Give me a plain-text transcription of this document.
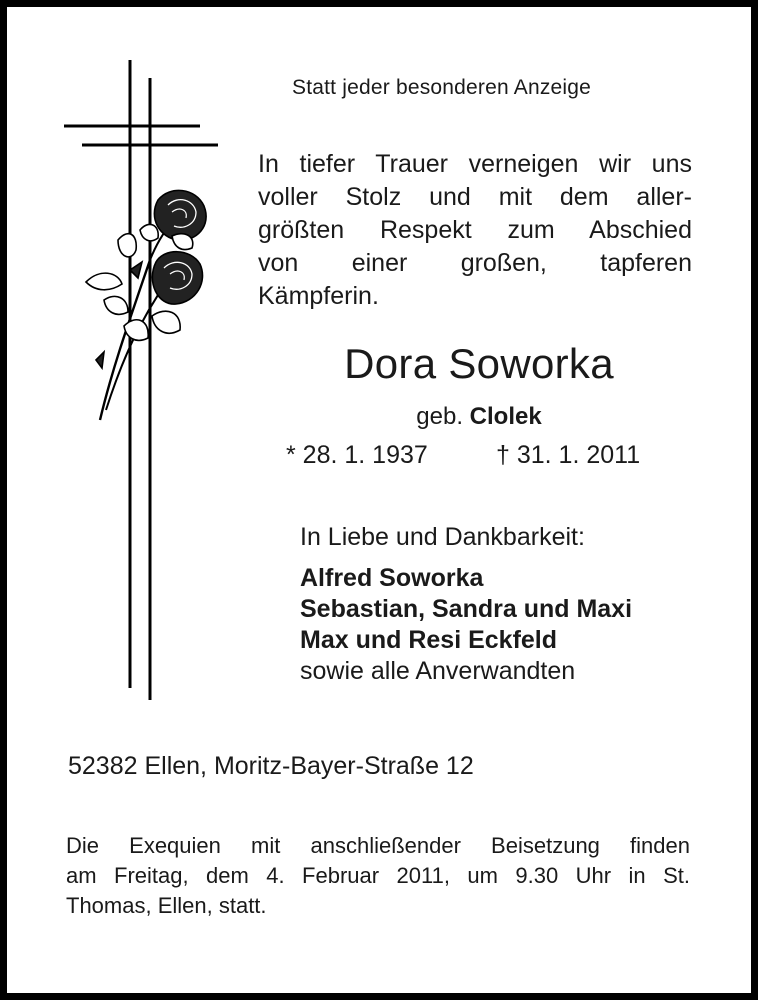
Statt jeder besonderen Anzeige

In tiefer Trauer verneigen wir uns

voller Stolz und mit dem aller-

größten Respekt zum Abschied

von einer großen, tapferen

Kämpferin.

Dora Soworka
geb. Clolek
* 28. 1. 1937	† 31. 1. 2011
In Liebe und Dankbarkeit:
Alfred Soworka
Sebastian, Sandra und Maxi
Max und Resi Eckfeld
sowie alle Anverwandten
52382 Ellen, Moritz-Bayer-Straße 12
Die Exequien mit anschließender Beisetzung finden
am Freitag, dem 4. Februar 2011, um 9.30 Uhr in St.
Thomas, Ellen, statt.
